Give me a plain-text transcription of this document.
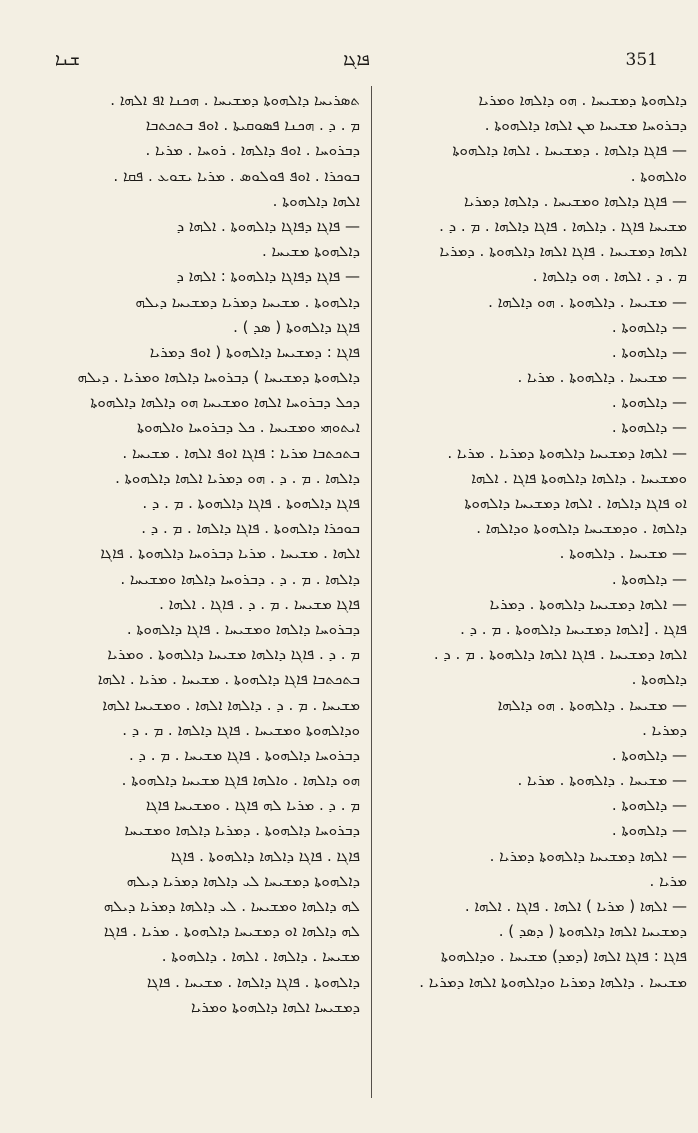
ܫܢܐ	ܦܐܓܐ	351
ܬܣܪܝܚܐ ܕܐܠܗܘܬܐ ܕܡܫܝܚܐ . ܗܟܢܐ ܐܦ ܐܠܗܐ .
ܡ . ܕ . ܗܟܢܐ ܦܣܘܩܝܬܐ . ܐܘܦ ܒܬܟܬܒܐ
ܕܒܪܘܚܐ . ܐܘܦ ܕܐܠܗܐ . ܪܘܚܐ . ܡܪܝܐ .
ܒܘܟܪܐ . ܐܘܦ ܦܘܠܘܣ . ܡܪܝܐ ܝܫܘܥ . ܦܩܐ .
ܐܠܗܐ ܕܐܠܗܘܬܐ .
— ܦܐܓܐ ܕܦܐܓܐ ܕܐܠܗܘܬܐ . ܐܠܗܐ ܕ
ܕܐܠܗܘܬܐ ܡܫܝܚܐ .
— ܦܐܓܐ ܕܦܐܓܐ ܕܐܠܗܘܬܐ : ܐܠܗܐ ܕ
ܕܐܠܗܘܬܐ . ܡܫܝܚܐ ܕܡܪܝܐ ܕܡܫܝܚܐ ܕܝܠܗ
ܦܐܓܐ ܕܐܠܗܘܬܐ ( ܣܕ ) .
ܦܐܓܐ : ܕܡܫܝܚܐ ܕܐܠܗܘܬܐ ( ܐܘܦ ܕܡܪܝܐ
ܕܐܠܗܘܬܐ ܕܡܫܝܚܐ ) ܕܒܪܘܚܐ ܕܐܠܗܐ ܘܡܪܝܐ . ܕܝܠܗ
ܕܟܠ ܕܒܪܘܚܐ ܐܠܗܐ ܘܡܫܝܚܐ ܗܘ ܕܐܠܗܐ ܕܐܠܗܘܬܐ
ܐܝܬܘܗܝ ܘܡܫܝܚܐ . ܟܠ ܕܒܪܘܚܐ ܘܐܠܗܘܬܐ
ܒܬܟܬܒܐ ܡܪܝܐ : ܦܐܓܐ ܐܘܦ ܐܠܗܐ . ܡܫܝܚܐ .
ܕܐܠܗܐ . ܡ . ܕ . ܗܘ ܕܡܪܝܐ ܐܠܗܐ ܕܐܠܗܘܬܐ .
ܦܐܓܐ ܕܐܠܗܘܬܐ . ܦܐܓܐ ܕܐܠܗܘܬܐ . ܡ . ܕ .
ܒܘܟܪܐ ܕܐܠܗܘܬܐ . ܦܐܓܐ ܕܐܠܗܐ . ܡ . ܕ .
ܐܠܗܐ . ܡܫܝܚܐ . ܡܪܝܐ ܕܒܪܘܚܐ ܕܐܠܗܘܬܐ . ܦܐܓܐ
ܕܐܠܗܐ . ܡ . ܕ . ܕܒܪܘܚܐ ܕܐܠܗܐ ܘܡܫܝܚܐ .
ܦܐܓܐ ܡܫܝܚܐ . ܡ . ܕ . ܦܐܓܐ . ܐܠܗܐ .
ܕܒܪܘܚܐ ܕܐܠܗܐ ܘܡܫܝܚܐ . ܦܐܓܐ ܕܐܠܗܘܬܐ .
ܡ . ܕ . ܦܐܓܐ ܕܐܠܗܐ ܡܫܝܚܐ ܕܐܠܗܘܬܐ . ܘܡܪܝܐ
ܒܬܟܬܒܐ ܦܐܓܐ ܕܐܠܗܘܬܐ . ܡܫܝܚܐ . ܡܪܝܐ . ܐܠܗܐ
ܡܫܝܚܐ . ܡ . ܕ . ܕܐܠܗܐ ܐܠܗܐ . ܘܡܫܝܚܐ ܐܠܗܐ
ܘܕܐܠܗܘܬܐ ܘܡܫܝܚܐ . ܦܐܓܐ ܕܐܠܗܐ . ܡ . ܕ .
ܕܒܪܘܚܐ ܕܐܠܗܘܬܐ . ܦܐܓܐ ܡܫܝܚܐ . ܡ . ܕ .
ܗܘ ܕܐܠܗܐ . ܘܐܠܗܐ ܦܐܓܐ ܡܫܝܚܐ ܕܐܠܗܘܬܐ .
ܡ . ܕ . ܡܪܝܐ ܠܗ ܦܐܓܐ . ܘܡܫܝܚܐ ܦܐܓܐ
ܕܒܪܘܚܐ ܕܐܠܗܘܬܐ . ܕܡܪܝܐ ܕܐܠܗܐ ܘܡܫܝܚܐ
ܦܐܓܐ . ܦܐܓܐ ܕܐܠܗܐ ܕܐܠܗܘܬܐ . ܦܐܓܐ
ܕܐܠܗܘܬܐ ܕܡܫܝܚܐ ܠܝ ܕܐܠܗܐ ܕܡܪܝܐ ܕܝܠܗ
ܠܗ ܕܐܠܗܐ ܘܡܫܝܚܐ . ܠܝ ܕܐܠܗܐ ܕܡܪܝܐ ܕܝܠܗ
ܠܗ ܕܐܠܗܐ ܐܘ ܕܡܫܝܚܐ ܕܐܠܗܘܬܐ . ܡܪܝܐ . ܦܐܓܐ
ܡܫܝܚܐ . ܕܐܠܗܐ . ܐܠܗܐ . ܕܐܠܗܘܬܐ .
ܕܐܠܗܘܬܐ . ܦܐܓܐ ܕܐܠܗܐ . ܡܫܝܚܐ . ܦܐܓܐ
ܕܡܫܝܚܐ ܐܠܗܐ ܕܐܠܗܘܬܐ ܘܡܪܝܐ
ܕܐܠܗܘܬܐ ܕܡܫܝܚܐ . ܗܘ ܕܐܠܗܐ ܘܡܪܝܐ
ܕܒܪܘܚܐ ܡܫܝܚܐ ܡܢ ܐܠܗܐ ܕܐܠܗܘܬܐ .
— ܦܐܓܐ ܕܐܠܗܐ . ܕܡܫܝܚܐ . ܐܠܗܐ ܕܐܠܗܘܬܐ
ܘܐܠܗܘܬܐ .
— ܦܐܓܐ ܕܐܠܗܐ ܘܡܫܝܚܐ . ܕܐܠܗܐ ܕܡܪܝܐ
ܡܫܝܚܐ ܦܐܓܐ . ܕܐܠܗܐ . ܦܐܓܐ ܕܐܠܗܐ . ܡ . ܕ .
ܐܠܗܐ ܕܡܫܝܚܐ . ܦܐܓܐ ܐܠܗܐ ܕܐܠܗܘܬܐ . ܕܡܪܝܐ
ܡ . ܕ . ܐܠܗܐ . ܗܘ ܕܐܠܗܐ .
— ܡܫܝܚܐ . ܕܐܠܗܘܬܐ . ܗܘ ܕܐܠܗܐ .
— ܕܐܠܗܘܬܐ .
— ܕܐܠܗܘܬܐ .
— ܡܫܝܚܐ . ܕܐܠܗܘܬܐ . ܡܪܝܐ .
— ܕܐܠܗܘܬܐ .
— ܕܐܠܗܘܬܐ .
— ܐܠܗܐ ܕܡܫܝܚܐ ܕܐܠܗܘܬܐ ܕܡܪܝܐ . ܡܪܝܐ .
ܘܡܫܝܚܐ . ܕܐܠܗܐ ܕܐܠܗܘܬܐ ܦܐܓܐ . ܐܠܗܐ
ܐܘ ܦܐܓܐ ܕܐܠܗܐ . ܐܠܗܐ ܕܡܫܝܚܐ ܕܐܠܗܘܬܐ
ܕܐܠܗܐ . ܘܕܡܫܝܚܐ ܕܐܠܗܘܬܐ ܘܕܐܠܗܐ .
— ܡܫܝܚܐ . ܕܐܠܗܘܬܐ .
— ܕܐܠܗܘܬܐ .
— ܐܠܗܐ ܕܡܫܝܚܐ ܕܐܠܗܘܬܐ . ܕܡܪܝܐ
ܦܐܓܐ . [ܐܠܗܐ ܕܡܫܝܚܐ ܕܐܠܗܘܬܐ . ܡ . ܕ .
ܐܠܗܐ ܕܡܫܝܚܐ . ܦܐܓܐ ܐܠܗܐ ܕܐܠܗܘܬܐ . ܡ . ܕ .
ܕܐܠܗܘܬܐ .
— ܡܫܝܚܐ . ܕܐܠܗܘܬܐ . ܗܘ ܕܐܠܗܐ
ܕܡܪܝܐ .
— ܕܐܠܗܘܬܐ .
— ܡܫܝܚܐ . ܕܐܠܗܘܬܐ . ܡܪܝܐ .
— ܕܐܠܗܘܬܐ .
— ܕܐܠܗܘܬܐ .
— ܐܠܗܐ ܕܡܫܝܚܐ ܕܐܠܗܘܬܐ ܕܡܪܝܐ .
ܡܪܝܐ .
— ܐܠܗܐ ( ܡܪܝܐ ) ܐܠܗܐ . ܦܐܓܐ . ܐܠܗܐ .
ܕܡܫܝܚܐ ܐܠܗܐ ܕܐܠܗܘܬܐ ( ܕܣܕ ) .
ܦܐܓܐ : ܦܐܓܐ ܐܠܗܐ (ܕܡܕ) ܡܫܝܚܐ . ܘܕܐܠܗܘܬܐ
ܡܫܝܚܐ . ܕܐܠܗܐ ܕܡܪܝܐ ܘܕܐܠܗܘܬܐ ܐܠܗܐ ܕܡܪܝܐ .
